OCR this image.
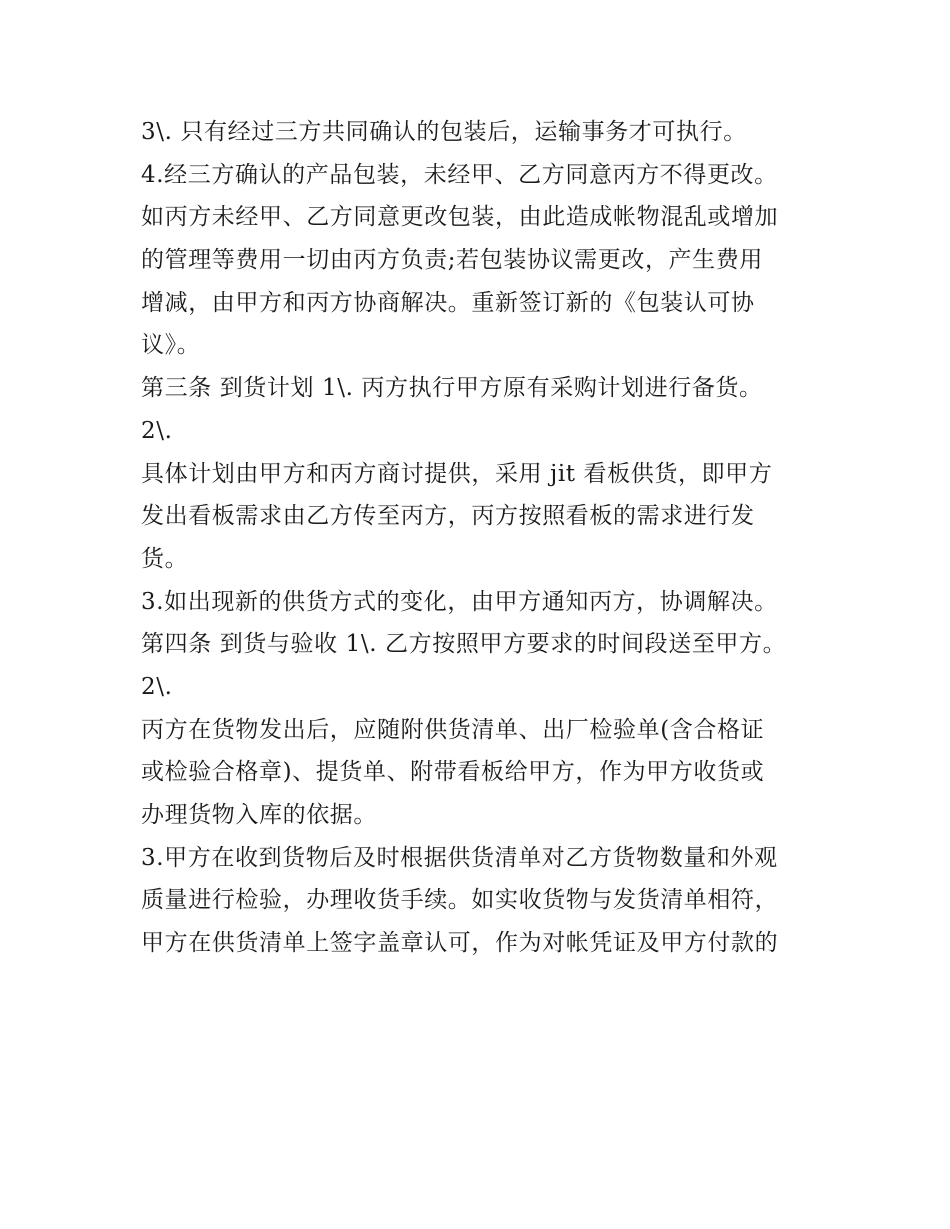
3\. 只有经过三方共同确认的包装后，运输事务才可执行。
4.经三方确认的产品包装，未经甲、乙方同意丙方不得更改。
如丙方未经甲、乙方同意更改包装，由此造成帐物混乱或增加
的管理等费用一切由丙方负责;若包装协议需更改，产生费用
增减，由甲方和丙方协商解决。重新签订新的《包装认可协
议》。
第三条 到货计划 1\. 丙方执行甲方原有采购计划进行备货。
2\.
具体计划由甲方和丙方商讨提供，采用 jit 看板供货，即甲方
发出看板需求由乙方传至丙方，丙方按照看板的需求进行发
货。
3.如出现新的供货方式的变化，由甲方通知丙方，协调解决。
第四条 到货与验收 1\. 乙方按照甲方要求的时间段送至甲方。
2\.
丙方在货物发出后，应随附供货清单、出厂检验单(含合格证
或检验合格章)、提货单、附带看板给甲方，作为甲方收货或
办理货物入库的依据。
3.甲方在收到货物后及时根据供货清单对乙方货物数量和外观
质量进行检验，办理收货手续。如实收货物与发货清单相符，
甲方在供货清单上签字盖章认可，作为对帐凭证及甲方付款的
